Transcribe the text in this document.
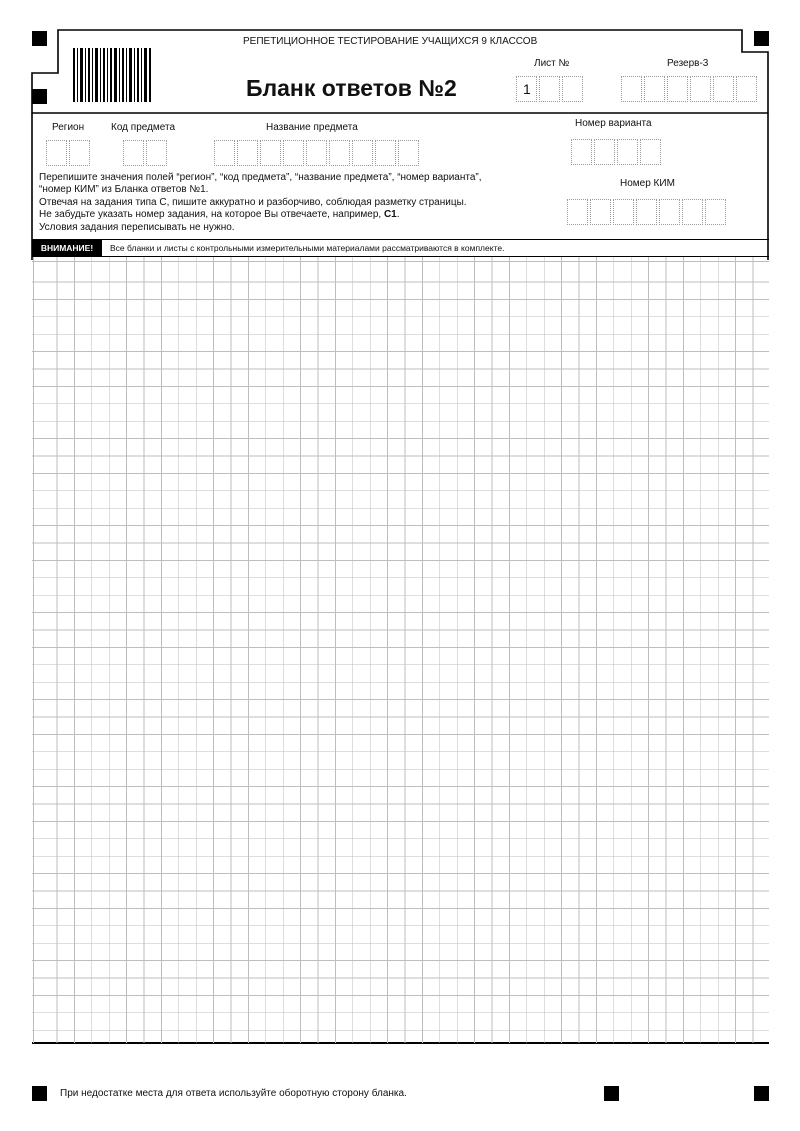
РЕПЕТИЦИОННОЕ ТЕСТИРОВАНИЕ УЧАЩИХСЯ 9 КЛАССОВ
Бланк ответов №2
Лист №	Резерв-3
1
Регион	Код предмета	Название предмета	Номер варианта
Номер КИМ
Перепишите значения полей “регион”, “код предмета”, “название предмета”, “номер варианта”,
“номер КИМ” из Бланка ответов №1.
Отвечая на задания типа С, пишите аккуратно и разборчиво, соблюдая разметку страницы.
Не забудьте указать номер задания, на которое Вы отвечаете, например, С1.
Условия задания переписывать не нужно.
ВНИМАНИЕ!	Все бланки и листы с контрольными измерительными материалами рассматриваются в комплекте.
При недостатке места для ответа используйте оборотную сторону бланка.
